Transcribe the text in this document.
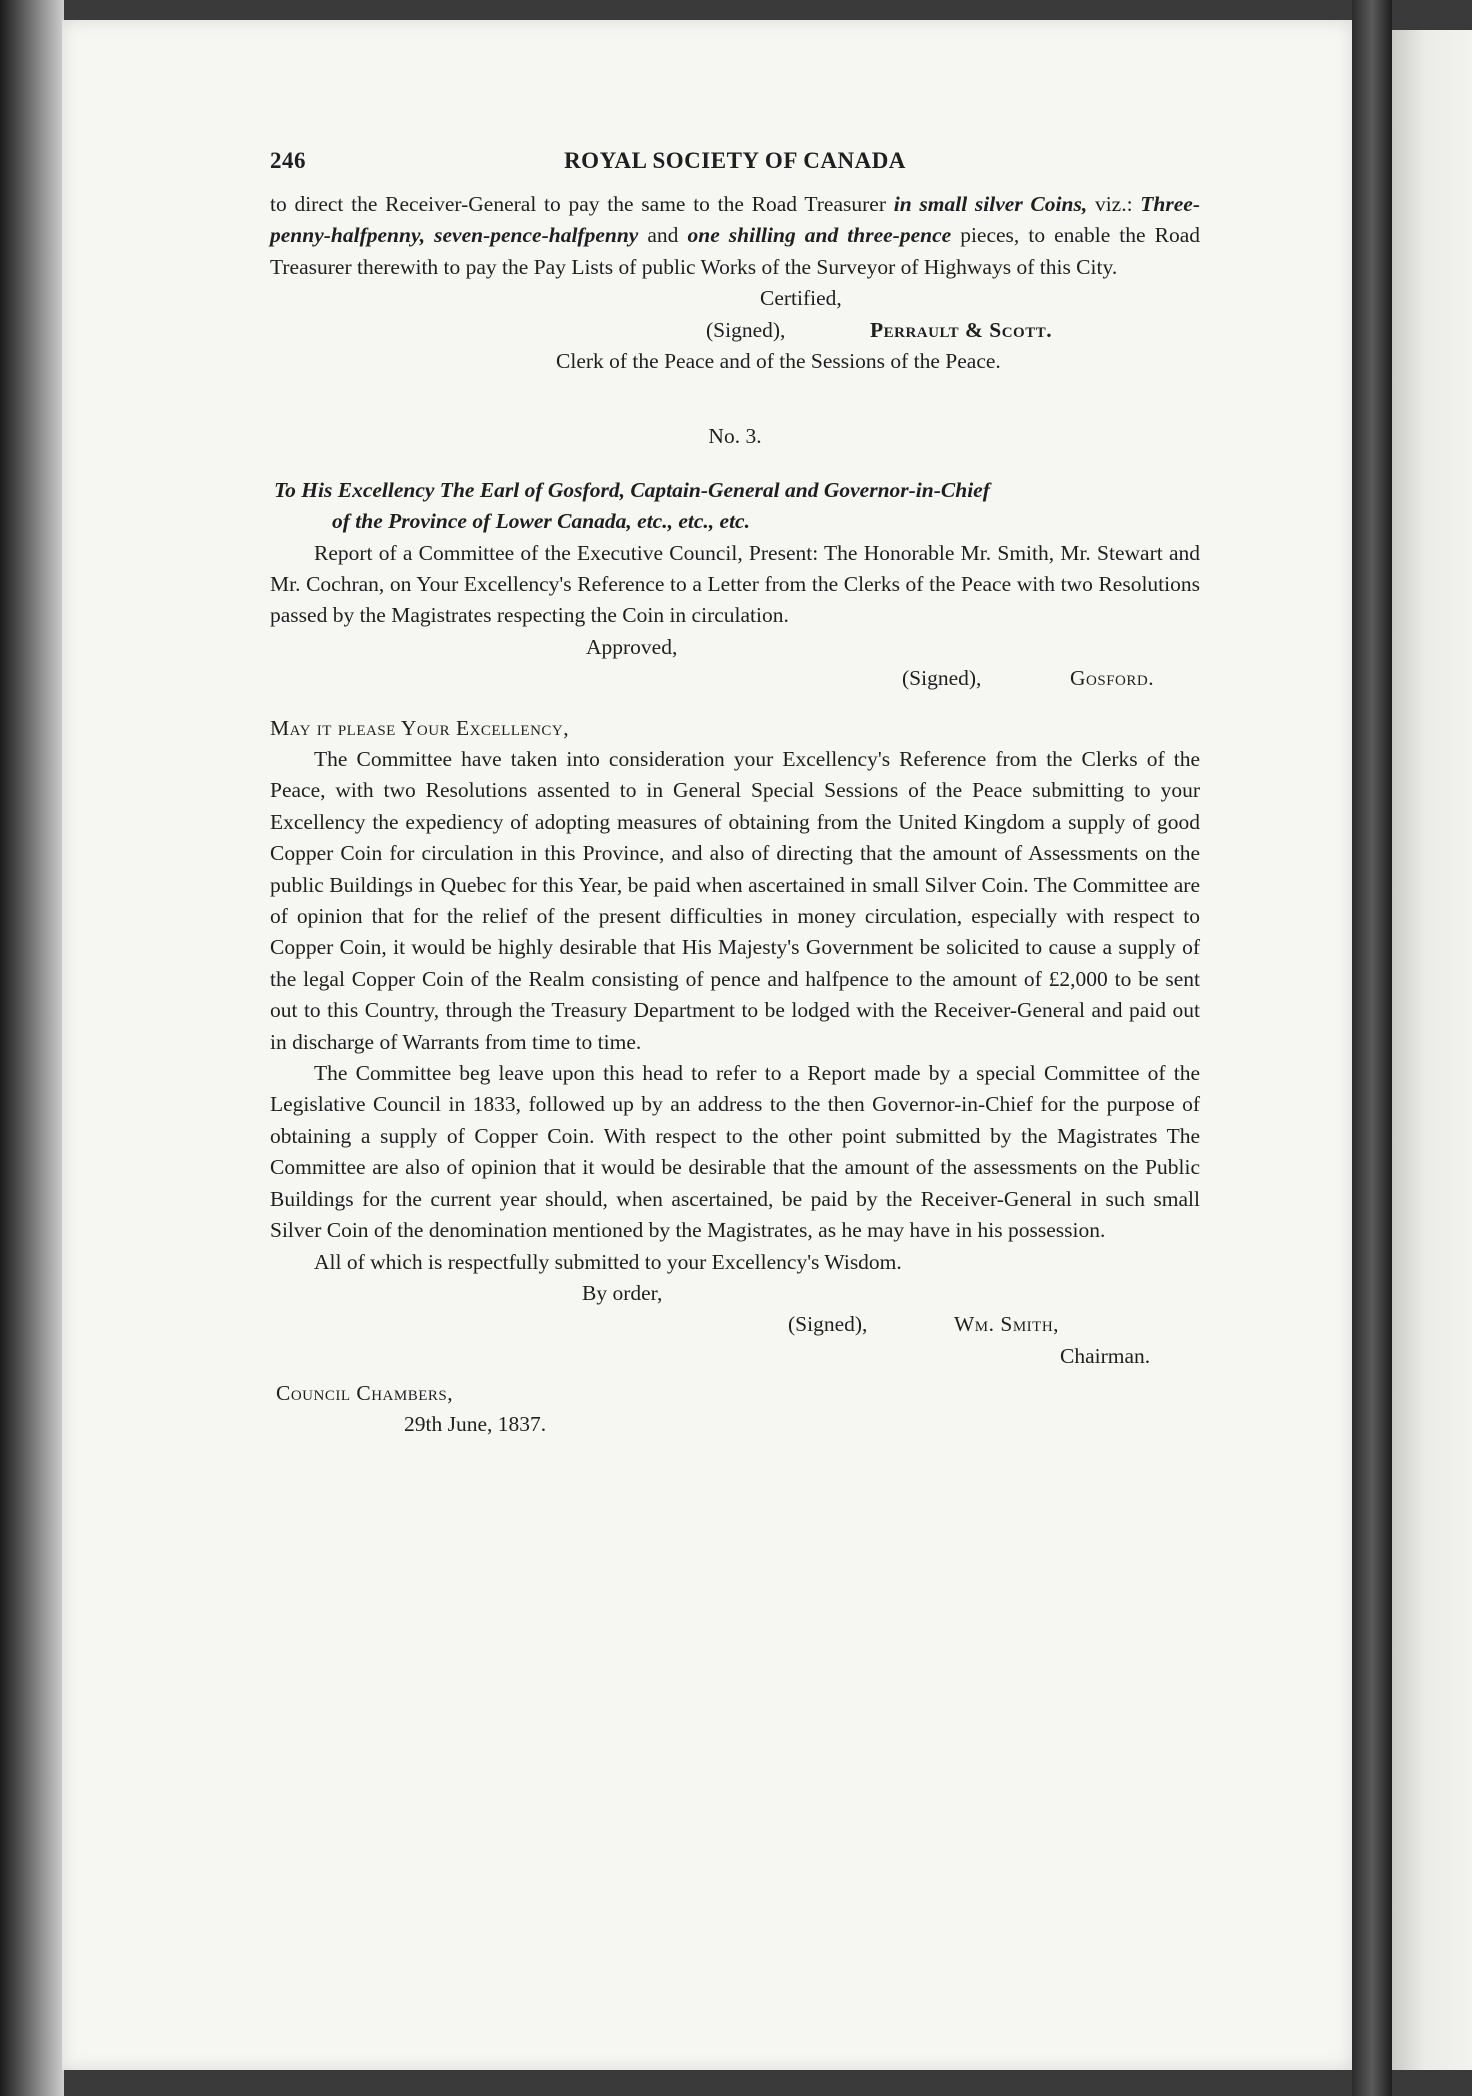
246	ROYAL SOCIETY OF CANADA

to direct the Receiver-General to pay the same to the Road Treasurer in small silver Coins, viz.: Three-penny-halfpenny, seven-pence-halfpenny and one shilling and three-pence pieces, to enable the Road Treasurer therewith to pay the Pay Lists of public Works of the Surveyor of Highways of this City.

Certified,
(Signed),	Perrault & Scott.
Clerk of the Peace and of the Sessions of the Peace.
No. 3.
To His Excellency The Earl of Gosford, Captain-General and Governor-in-Chief
of the Province of Lower Canada, etc., etc., etc.

Report of a Committee of the Executive Council, Present: The Honorable Mr. Smith, Mr. Stewart and Mr. Cochran, on Your Excellency's Reference to a Letter from the Clerks of the Peace with two Resolutions passed by the Magistrates respecting the Coin in circulation.

Approved,
(Signed),	Gosford.
May it please Your Excellency,

The Committee have taken into consideration your Excellency's Reference from the Clerks of the Peace, with two Resolutions assented to in General Special Sessions of the Peace submitting to your Excellency the expediency of adopting measures of obtaining from the United Kingdom a supply of good Copper Coin for circulation in this Province, and also of directing that the amount of Assessments on the public Buildings in Quebec for this Year, be paid when ascertained in small Silver Coin. The Committee are of opinion that for the relief of the present difficulties in money circulation, especially with respect to Copper Coin, it would be highly desirable that His Majesty's Government be solicited to cause a supply of the legal Copper Coin of the Realm consisting of pence and halfpence to the amount of £2,000 to be sent out to this Country, through the Treasury Department to be lodged with the Receiver-General and paid out in discharge of Warrants from time to time.

The Committee beg leave upon this head to refer to a Report made by a special Committee of the Legislative Council in 1833, followed up by an address to the then Governor-in-Chief for the purpose of obtaining a supply of Copper Coin. With respect to the other point submitted by the Magistrates The Committee are also of opinion that it would be desirable that the amount of the assessments on the Public Buildings for the current year should, when ascertained, be paid by the Receiver-General in such small Silver Coin of the denomination mentioned by the Magistrates, as he may have in his possession.

All of which is respectfully submitted to your Excellency's Wisdom.

By order,
(Signed),	Wm. Smith,
Chairman.
Council Chambers,
29th June, 1837.
